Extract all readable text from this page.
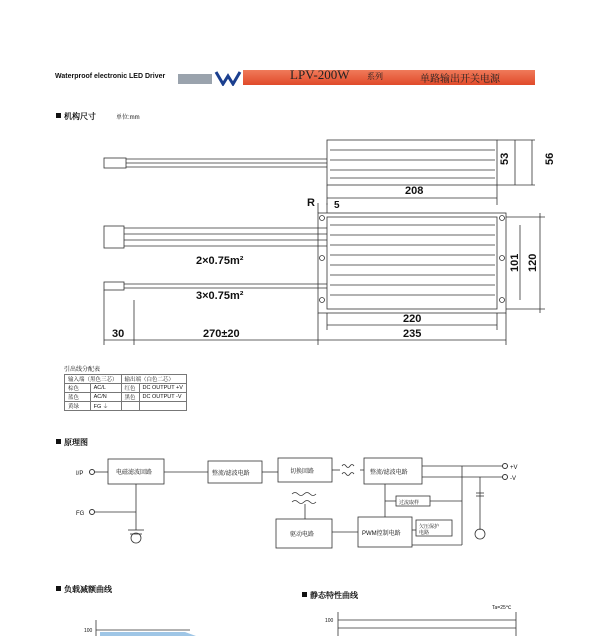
Waterproof electronic LED Driver	LPV-200W 系列	单路输出开关电源
机构尺寸	单位:mm
53	56
208
R 5
101 120
2×0.75m²
3×0.75m²
220
235
30	270±20
引出线分配表
输入端（黑色三芯）		输出端（白色二芯）	
棕色	AC/L	红色	DC OUTPUT +V
蓝色	AC/N	黑色	DC OUTPUT -V
黄绿	FG ⏚		
原理图
I/P
FG
电磁滤波回路	整流/滤波电路	切换回路	整流/滤波电路
过流取样
PWM控制电路
欠压保护
电路
驱动电路
+V
-V
负载减额曲线
静态特性曲线
100
100
Ta=25℃
